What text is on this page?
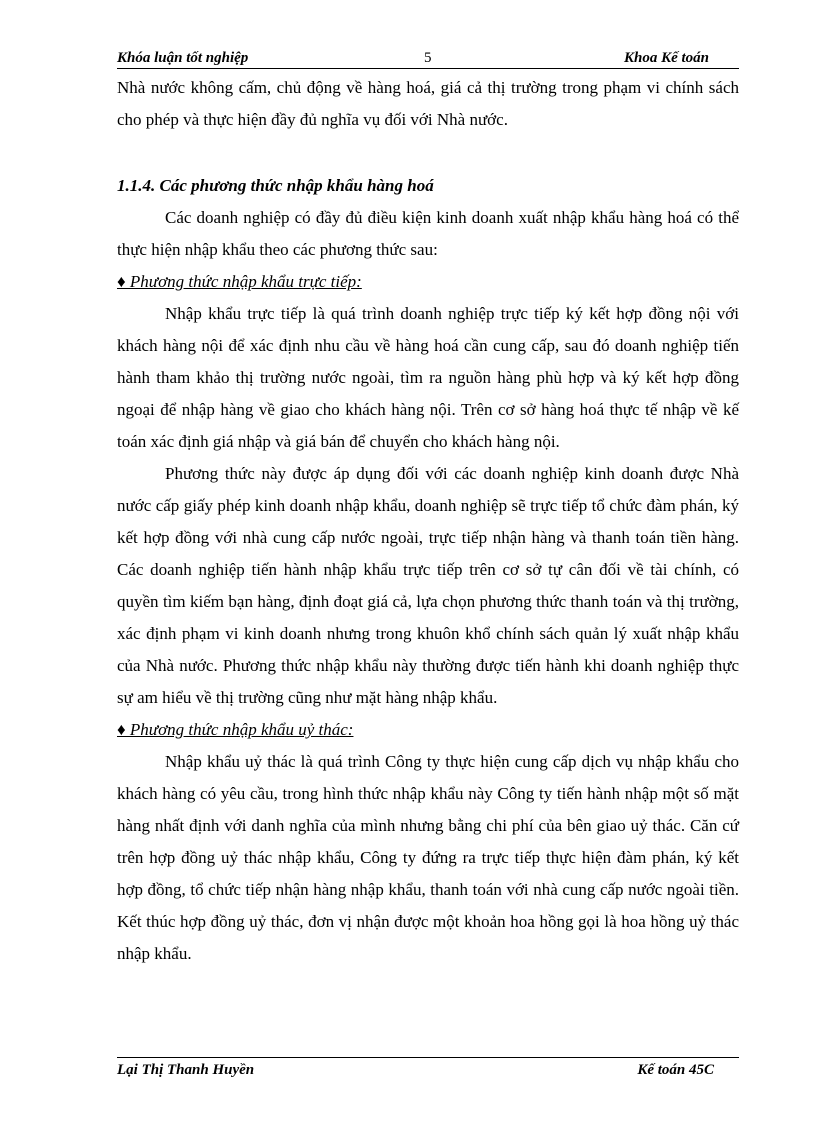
Khóa luận tốt nghiệp	5	Khoa Kế toán

Nhà nước không cấm, chủ động về hàng hoá, giá cả thị trường trong phạm vi chính sách cho phép và thực hiện đầy đủ nghĩa vụ đối với Nhà nước.

1.1.4. Các phương thức nhập khẩu hàng hoá

Các doanh nghiệp có đầy đủ điều kiện kinh doanh xuất nhập khẩu hàng hoá có thể thực hiện nhập khẩu theo các phương thức sau:

♦ Phương thức nhập khẩu trực tiếp:

Nhập khẩu trực tiếp là quá trình doanh nghiệp trực tiếp ký kết hợp đồng nội với khách hàng nội để xác định nhu cầu về hàng hoá cần cung cấp, sau đó doanh nghiệp tiến hành tham khảo thị trường nước ngoài, tìm ra nguồn hàng phù hợp và ký kết hợp đồng ngoại để nhập hàng về giao cho khách hàng nội. Trên cơ sở hàng hoá thực tế nhập về kế toán xác định giá nhập và giá bán để chuyển cho khách hàng nội.

Phương thức này được áp dụng đối với các doanh nghiệp kinh doanh được Nhà nước cấp giấy phép kinh doanh nhập khẩu, doanh nghiệp sẽ trực tiếp tổ chức đàm phán, ký kết hợp đồng với nhà cung cấp nước ngoài, trực tiếp nhận hàng và thanh toán tiền hàng. Các doanh nghiệp tiến hành nhập khẩu trực tiếp trên cơ sở tự cân đối về tài chính, có quyền tìm kiếm bạn hàng, định đoạt giá cả, lựa chọn phương thức thanh toán và thị trường, xác định phạm vi kinh doanh nhưng trong khuôn khổ chính sách quản lý xuất nhập khẩu của Nhà nước. Phương thức nhập khẩu này thường được tiến hành khi doanh nghiệp thực sự am hiểu về thị trường cũng như mặt hàng nhập khẩu.

♦ Phương thức nhập khẩu uỷ thác:

Nhập khẩu uỷ thác là quá trình Công ty thực hiện cung cấp dịch vụ nhập khẩu cho khách hàng có yêu cầu, trong hình thức nhập khẩu này Công ty tiến hành nhập một số mặt hàng nhất định với danh nghĩa của mình nhưng bằng chi phí của bên giao uỷ thác. Căn cứ trên hợp đồng uỷ thác nhập khẩu, Công ty đứng ra trực tiếp thực hiện đàm phán, ký kết hợp đồng, tổ chức tiếp nhận hàng nhập khẩu, thanh toán với nhà cung cấp nước ngoài tiền. Kết thúc hợp đồng uỷ thác, đơn vị nhận được một khoản hoa hồng gọi là hoa hồng uỷ thác nhập khẩu.

Lại Thị Thanh Huyền	Kế toán 45C
